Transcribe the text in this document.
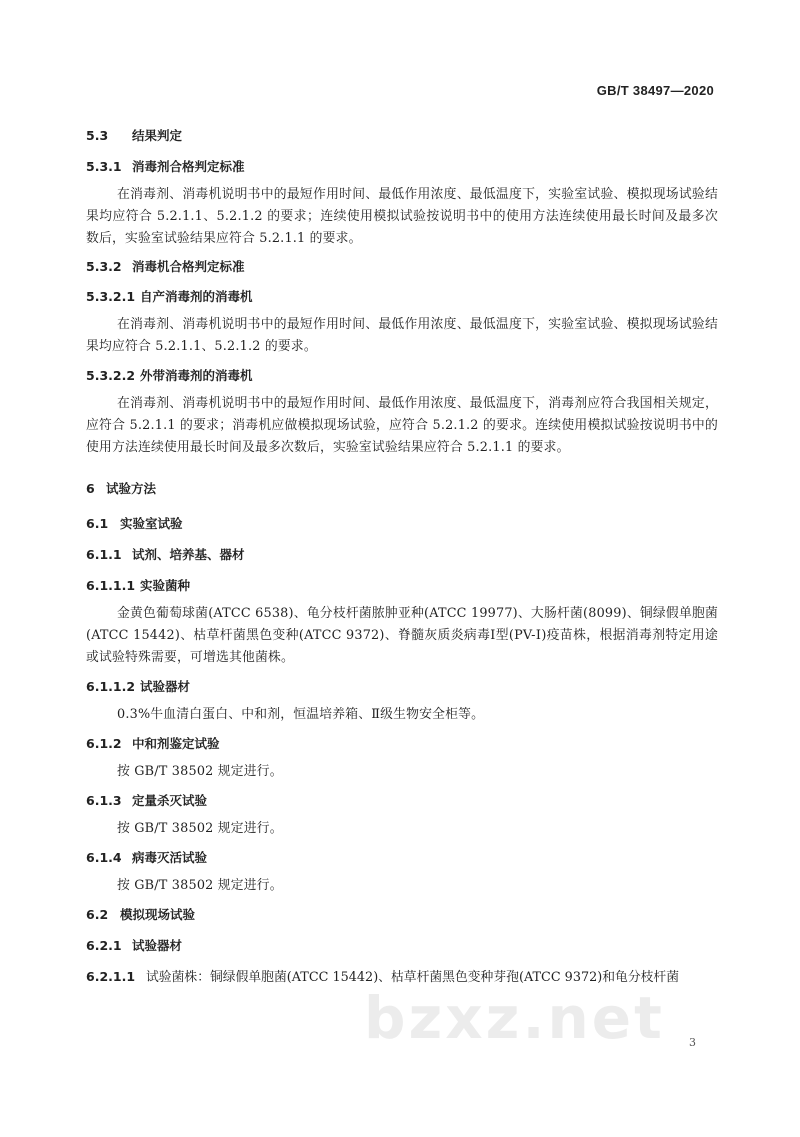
GB/T 38497—2020
5.3 结果判定
5.3.1 消毒剂合格判定标准

在消毒剂、消毒机说明书中的最短作用时间、最低作用浓度、最低温度下，实验室试验、模拟现场试验结果均应符合 5.2.1.1、5.2.1.2 的要求；连续使用模拟试验按说明书中的使用方法连续使用最长时间及最多次数后，实验室试验结果应符合 5.2.1.1 的要求。

5.3.2 消毒机合格判定标准
5.3.2.1 自产消毒剂的消毒机

在消毒剂、消毒机说明书中的最短作用时间、最低作用浓度、最低温度下，实验室试验、模拟现场试验结果均应符合 5.2.1.1、5.2.1.2 的要求。

5.3.2.2 外带消毒剂的消毒机

在消毒剂、消毒机说明书中的最短作用时间、最低作用浓度、最低温度下，消毒剂应符合我国相关规定，应符合 5.2.1.1 的要求；消毒机应做模拟现场试验，应符合 5.2.1.2 的要求。连续使用模拟试验按说明书中的使用方法连续使用最长时间及最多次数后，实验室试验结果应符合 5.2.1.1 的要求。

6 试验方法
6.1 实验室试验
6.1.1 试剂、培养基、器材
6.1.1.1 实验菌种

金黄色葡萄球菌(ATCC 6538)、龟分枝杆菌脓肿亚种(ATCC 19977)、大肠杆菌(8099)、铜绿假单胞菌(ATCC 15442)、枯草杆菌黑色变种(ATCC 9372)、脊髓灰质炎病毒Ⅰ型(PV-Ⅰ)疫苗株，根据消毒剂特定用途或试验特殊需要，可增选其他菌株。

6.1.1.2 试验器材

0.3%牛血清白蛋白、中和剂，恒温培养箱、Ⅱ级生物安全柜等。

6.1.2 中和剂鉴定试验

按 GB/T 38502 规定进行。

6.1.3 定量杀灭试验

按 GB/T 38502 规定进行。

6.1.4 病毒灭活试验

按 GB/T 38502 规定进行。

6.2 模拟现场试验
6.2.1 试验器材
6.2.1.1 试验菌株：铜绿假单胞菌(ATCC 15442)、枯草杆菌黑色变种芽孢(ATCC 9372)和龟分枝杆菌
bzxz.net 3
